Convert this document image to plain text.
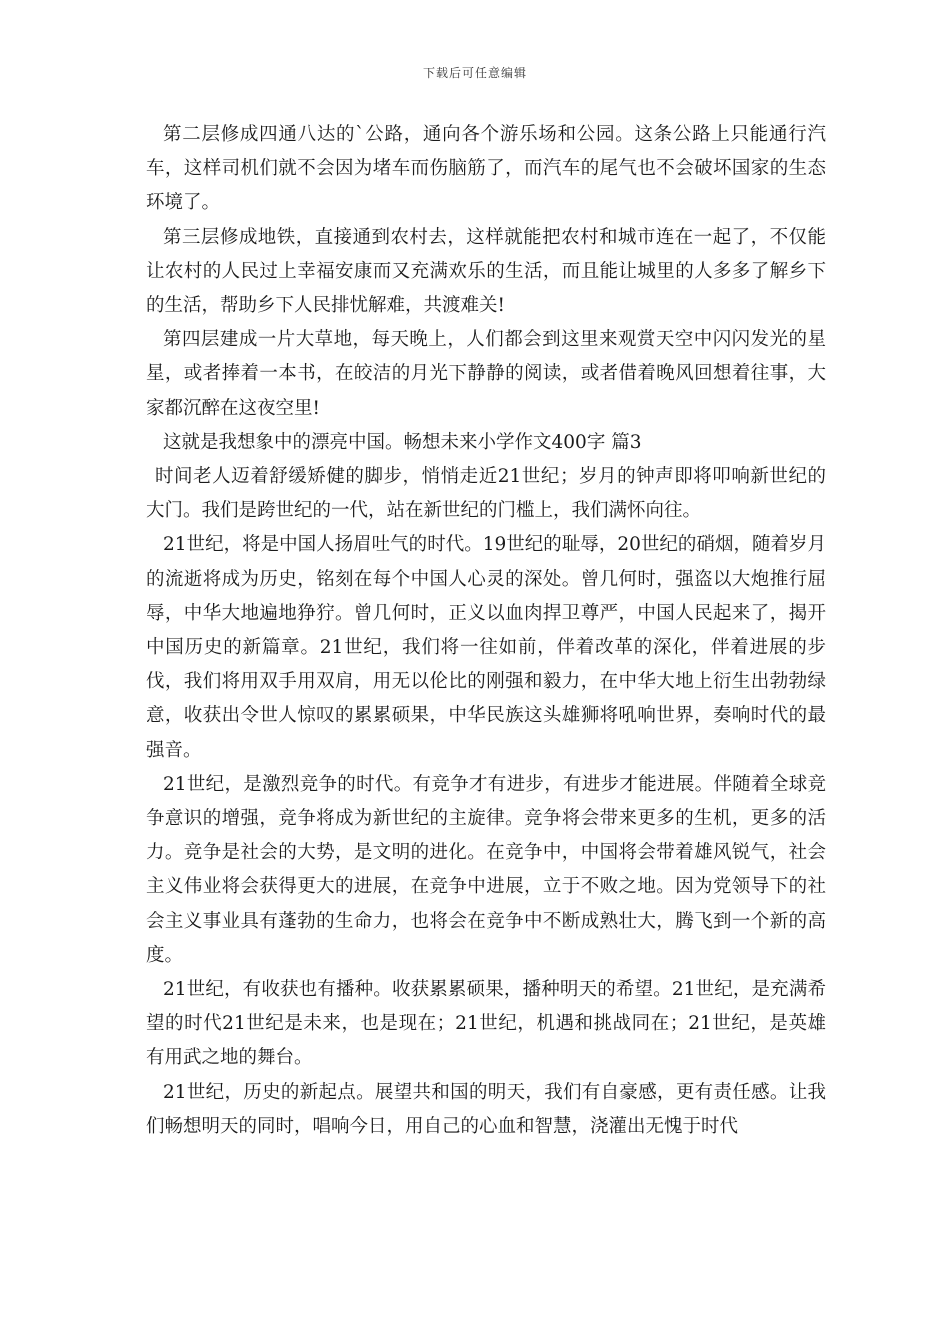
下载后可任意编辑

第二层修成四通八达的`公路，通向各个游乐场和公园。这条公路上只能通行汽车，这样司机们就不会因为堵车而伤脑筋了，而汽车的尾气也不会破坏国家的生态环境了。

第三层修成地铁，直接通到农村去，这样就能把农村和城市连在一起了，不仅能让农村的人民过上幸福安康而又充满欢乐的生活，而且能让城里的人多多了解乡下的生活，帮助乡下人民排忧解难，共渡难关!

第四层建成一片大草地，每天晚上，人们都会到这里来观赏天空中闪闪发光的星星，或者捧着一本书，在皎洁的月光下静静的阅读，或者借着晚风回想着往事，大家都沉醉在这夜空里!

这就是我想象中的漂亮中国。畅想未来小学作文400字 篇3

时间老人迈着舒缓矫健的脚步，悄悄走近21世纪；岁月的钟声即将叩响新世纪的大门。我们是跨世纪的一代，站在新世纪的门槛上，我们满怀向往。

21世纪，将是中国人扬眉吐气的时代。19世纪的耻辱，20世纪的硝烟，随着岁月的流逝将成为历史，铭刻在每个中国人心灵的深处。曾几何时，强盗以大炮推行屈辱，中华大地遍地狰狞。曾几何时，正义以血肉捍卫尊严，中国人民起来了，揭开中国历史的新篇章。21世纪，我们将一往如前，伴着改革的深化，伴着进展的步伐，我们将用双手用双肩，用无以伦比的刚强和毅力，在中华大地上衍生出勃勃绿意，收获出令世人惊叹的累累硕果，中华民族这头雄狮将吼响世界，奏响时代的最强音。

21世纪，是激烈竞争的时代。有竞争才有进步，有进步才能进展。伴随着全球竞争意识的增强，竞争将成为新世纪的主旋律。竞争将会带来更多的生机，更多的活力。竞争是社会的大势，是文明的进化。在竞争中，中国将会带着雄风锐气，社会主义伟业将会获得更大的进展，在竞争中进展，立于不败之地。因为党领导下的社会主义事业具有蓬勃的生命力，也将会在竞争中不断成熟壮大，腾飞到一个新的高度。

21世纪，有收获也有播种。收获累累硕果，播种明天的希望。21世纪，是充满希望的时代21世纪是未来，也是现在；21世纪，机遇和挑战同在；21世纪，是英雄有用武之地的舞台。

21世纪，历史的新起点。展望共和国的明天，我们有自豪感，更有责任感。让我们畅想明天的同时，唱响今日，用自己的心血和智慧，浇灌出无愧于时代
